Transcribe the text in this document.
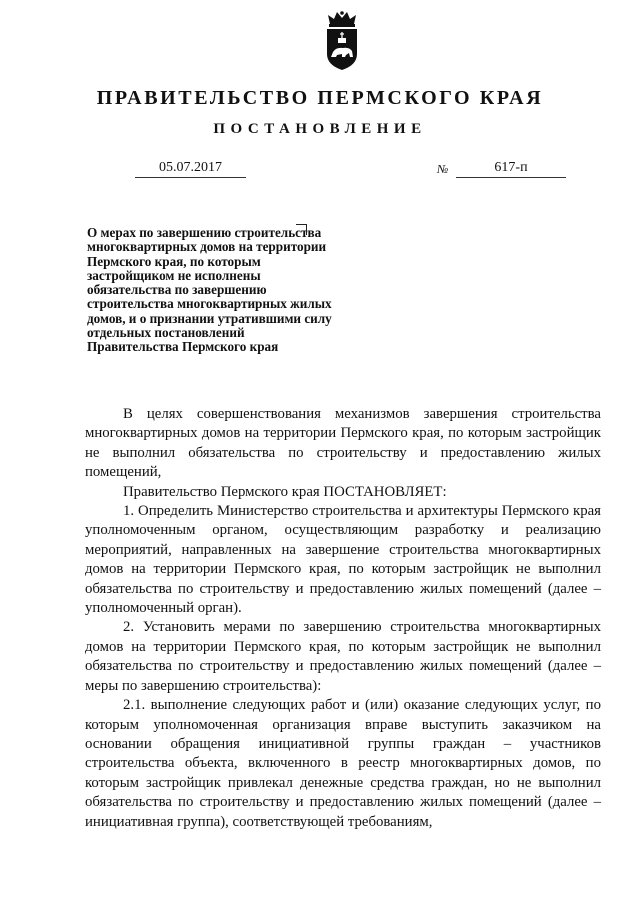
ПРАВИТЕЛЬСТВО ПЕРМСКОГО КРАЯ
ПОСТАНОВЛЕНИЕ
05.07.2017	№	617-п
О мерах по завершению строительства многоквартирных домов на территории Пермского края, по которым застройщиком не исполнены обязательства по завершению строительства многоквартирных жилых домов, и о признании утратившими силу отдельных постановлений Правительства Пермского края

В целях совершенствования механизмов завершения строительства многоквартирных домов на территории Пермского края, по которым застройщик не выполнил обязательства по строительству и предоставлению жилых помещений,

Правительство Пермского края ПОСТАНОВЛЯЕТ:

1. Определить Министерство строительства и архитектуры Пермского края уполномоченным органом, осуществляющим разработку и реализацию мероприятий, направленных на завершение строительства многоквартирных домов на территории Пермского края, по которым застройщик не выполнил обязательства по строительству и предоставлению жилых помещений (далее – уполномоченный орган).

2. Установить мерами по завершению строительства многоквартирных домов на территории Пермского края, по которым застройщик не выполнил обязательства по строительству и предоставлению жилых помещений (далее – меры по завершению строительства):

2.1. выполнение следующих работ и (или) оказание следующих услуг, по которым уполномоченная организация вправе выступить заказчиком на основании обращения инициативной группы граждан – участников строительства объекта, включенного в реестр многоквартирных домов, по которым застройщик привлекал денежные средства граждан, но не выполнил обязательства по строительству и предоставлению жилых помещений (далее – инициативная группа), соответствующей требованиям,
